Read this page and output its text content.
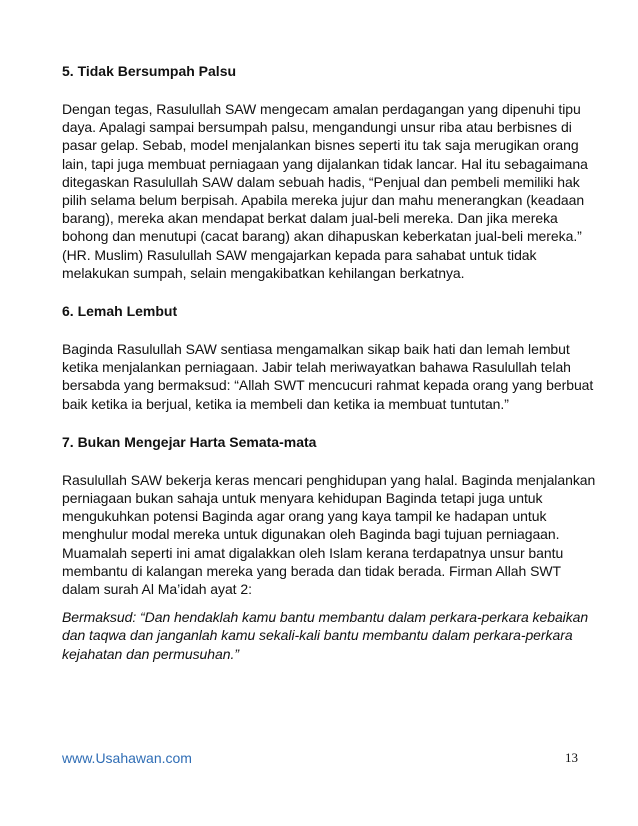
5. Tidak Bersumpah Palsu

Dengan tegas, Rasulullah SAW mengecam amalan perdagangan yang dipenuhi tipu daya. Apalagi sampai bersumpah palsu, mengandungi unsur riba atau berbisnes di pasar gelap. Sebab, model menjalankan bisnes seperti itu tak saja merugikan orang lain, tapi juga membuat perniagaan yang dijalankan tidak lancar. Hal itu sebagaimana ditegaskan Rasulullah SAW dalam sebuah hadis, “Penjual dan pembeli memiliki hak pilih selama belum berpisah. Apabila mereka jujur dan mahu menerangkan (keadaan barang), mereka akan mendapat berkat dalam jual-beli mereka. Dan jika mereka bohong dan menutupi (cacat barang) akan dihapuskan keberkatan jual-beli mereka.” (HR. Muslim) Rasulullah SAW mengajarkan kepada para sahabat untuk tidak melakukan sumpah, selain mengakibatkan kehilangan berkatnya.

6. Lemah Lembut

Baginda Rasulullah SAW sentiasa mengamalkan sikap baik hati dan lemah lembut ketika menjalankan perniagaan. Jabir telah meriwayatkan bahawa Rasulullah telah bersabda yang bermaksud: “Allah SWT mencucuri rahmat kepada orang yang berbuat baik ketika ia berjual, ketika ia membeli dan ketika ia membuat tuntutan.”

7. Bukan Mengejar Harta Semata-mata

Rasulullah SAW bekerja keras mencari penghidupan yang halal. Baginda menjalankan perniagaan bukan sahaja untuk menyara kehidupan Baginda tetapi juga untuk mengukuhkan potensi Baginda agar orang yang kaya tampil ke hadapan untuk menghulur modal mereka untuk digunakan oleh Baginda bagi tujuan perniagaan. Muamalah seperti ini amat digalakkan oleh Islam kerana terdapatnya unsur bantu membantu di kalangan mereka yang berada dan tidak berada. Firman Allah SWT dalam surah Al Ma’idah ayat 2:

Bermaksud: “Dan hendaklah kamu bantu membantu dalam perkara-perkara kebaikan dan taqwa dan janganlah kamu sekali-kali bantu membantu dalam perkara-perkara kejahatan dan permusuhan.”

www.Usahawan.com	13
